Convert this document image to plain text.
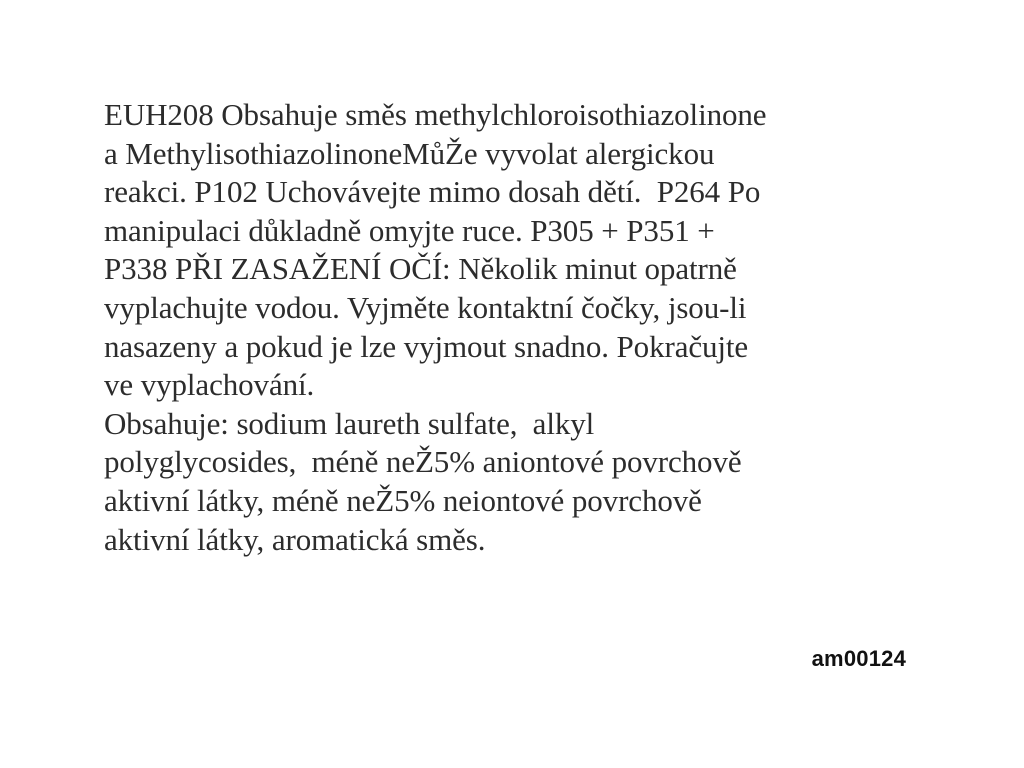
EUH208 Obsahuje směs methylchloroisothiazolinone
a MethylisothiazolinoneMůŽe vyvolat alergickou
reakci. P102 Uchovávejte mimo dosah dětí.  P264 Po
manipulaci důkladně omyjte ruce. P305 + P351 +
P338 PŘI ZASAŽENÍ OČÍ: Několik minut opatrně
vyplachujte vodou. Vyjměte kontaktní čočky, jsou-li
nasazeny a pokud je lze vyjmout snadno. Pokračujte
ve vyplachování.
Obsahuje: sodium laureth sulfate,  alkyl
polyglycosides,  méně neŽ5% aniontové povrchově
aktivní látky, méně neŽ5% neiontové povrchově
aktivní látky, aromatická směs.
am00124
